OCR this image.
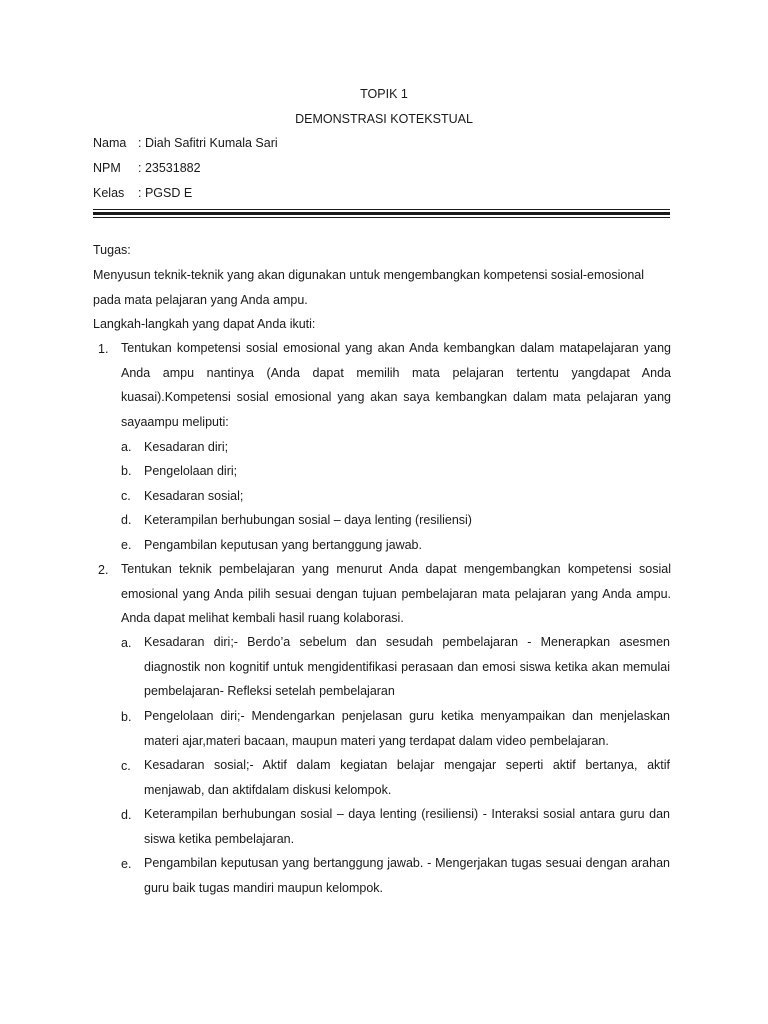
TOPIK 1
DEMONSTRASI KOTEKSTUAL
Nama : Diah Safitri Kumala Sari
NPM : 23531882
Kelas : PGSD E
Tugas:
Menyusun teknik-teknik yang akan digunakan untuk mengembangkan kompetensi sosial-emosional
pada mata pelajaran yang Anda ampu.
Langkah-langkah yang dapat Anda ikuti:
1. Tentukan kompetensi sosial emosional yang akan Anda kembangkan dalam matapelajaran yang Anda ampu nantinya (Anda dapat memilih mata pelajaran tertentu yangdapat Anda kuasai).Kompetensi sosial emosional yang akan saya kembangkan dalam mata pelajaran yang sayaampu meliputi:
a. Kesadaran diri;
b. Pengelolaan diri;
c. Kesadaran sosial;
d. Keterampilan berhubungan sosial – daya lenting (resiliensi)
e. Pengambilan keputusan yang bertanggung jawab.
2. Tentukan teknik pembelajaran yang menurut Anda dapat mengembangkan kompetensi sosial emosional yang Anda pilih sesuai dengan tujuan pembelajaran mata pelajaran yang Anda ampu. Anda dapat melihat kembali hasil ruang kolaborasi.
a. Kesadaran diri;- Berdo’a sebelum dan sesudah pembelajaran - Menerapkan asesmen diagnostik non kognitif untuk mengidentifikasi perasaan dan emosi siswa ketika akan memulai pembelajaran- Refleksi setelah pembelajaran
b. Pengelolaan diri;- Mendengarkan penjelasan guru ketika menyampaikan dan menjelaskan materi ajar,materi bacaan, maupun materi yang terdapat dalam video pembelajaran.
c. Kesadaran sosial;- Aktif dalam kegiatan belajar mengajar seperti aktif bertanya, aktif menjawab, dan aktifdalam diskusi kelompok.
d. Keterampilan berhubungan sosial – daya lenting (resiliensi) - Interaksi sosial antara guru dan siswa ketika pembelajaran.
e. Pengambilan keputusan yang bertanggung jawab. - Mengerjakan tugas sesuai dengan arahan guru baik tugas mandiri maupun kelompok.
